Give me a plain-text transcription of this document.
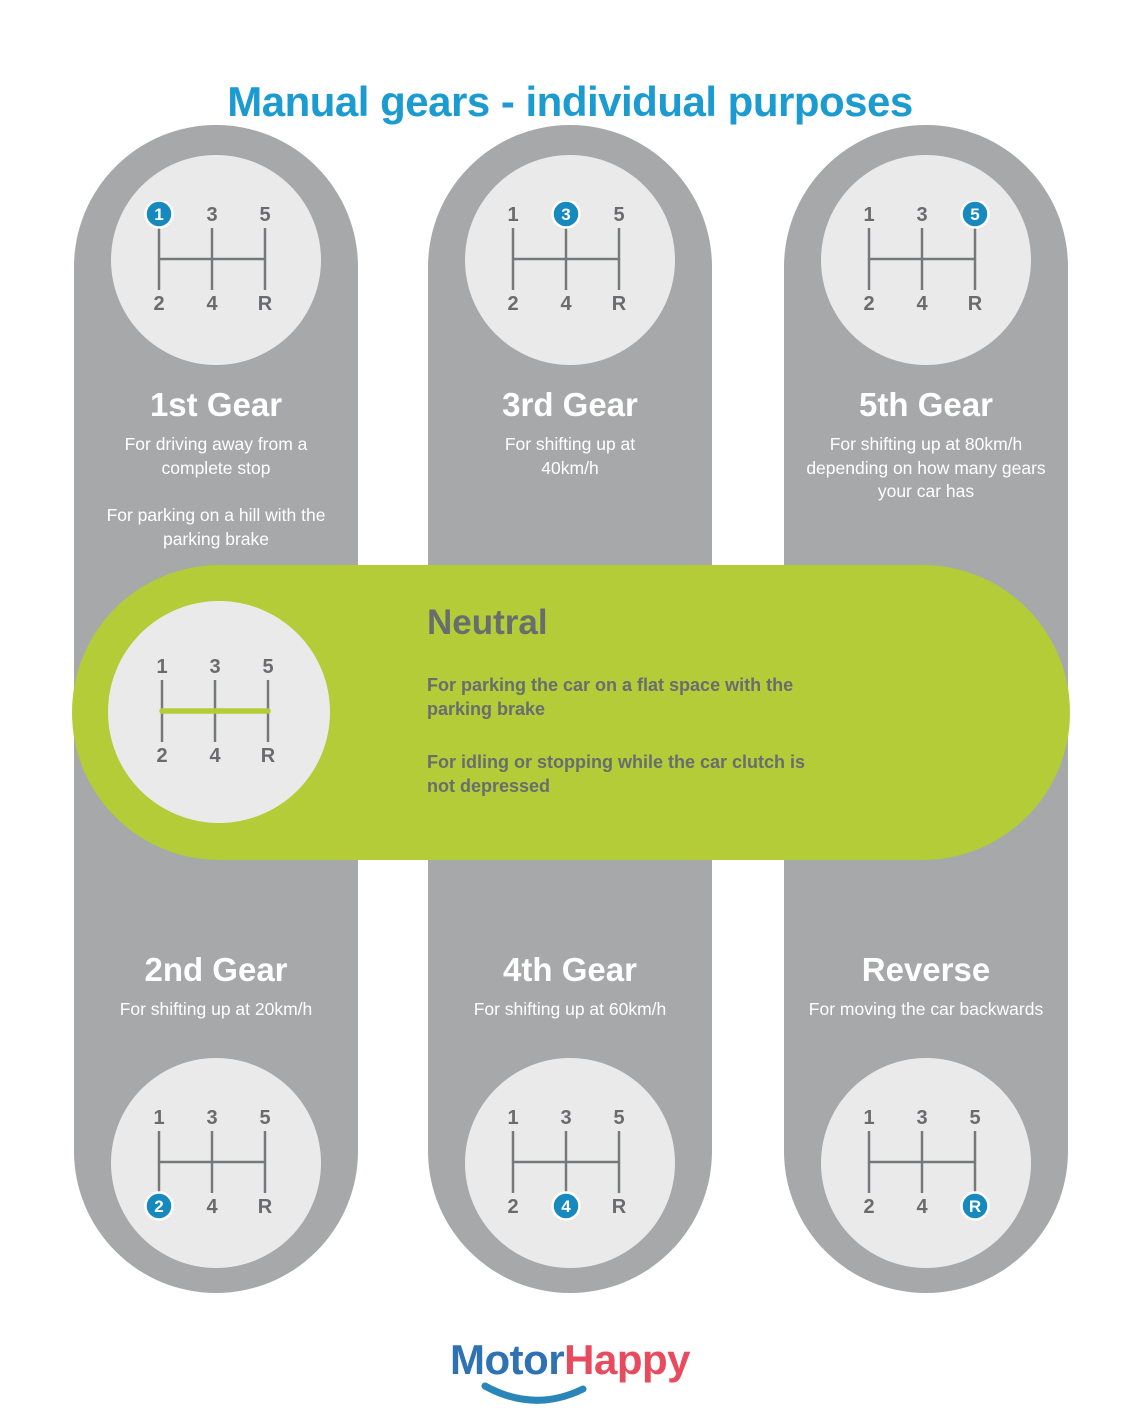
Manual gears - individual purposes
1 3 5
2 4 R
1st Gear

For driving away from a complete stop

For parking on a hill with the parking brake

2nd Gear

For shifting up at 20km/h

1 3 5
2 4 R
1	3 5
2 4 R
3rd Gear

For shifting up at 40km/h

4th Gear

For shifting up at 60km/h

1 3 5
2	4 R
1 3	5
2 4 R
5th Gear

For shifting up at 80km/h depending on how many gears your car has

Reverse

For moving the car backwards

1 3 5
2 4 R
1 3 5
2 4 R
Neutral

For parking the car on a flat space with the parking brake

For idling or stopping while the car clutch is not depressed

MotorHappy
